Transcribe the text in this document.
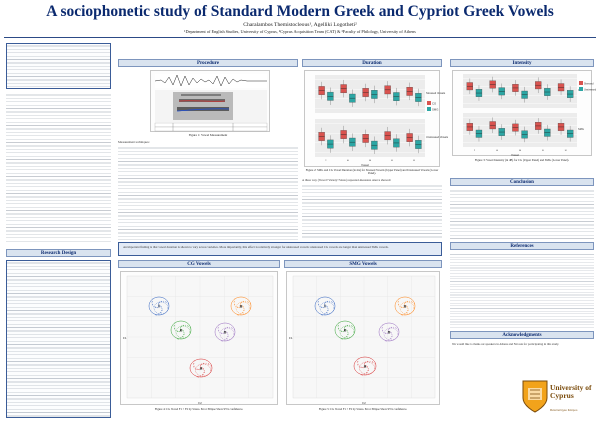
A sociophonetic study of Standard Modern Greek and Cypriot Greek Vowels
Charalambos Themistocleous¹, Agelliki Logotheti²
¹Department of English Studies, University of Cyprus, ²Cyprus Acquisition Team (CAT) & ³Faculty of Philology, University of Athens
Research Design
Procedure
Figure 1: Vowel Measurement
Measurement techniques:
Duration
Stressed Vowels
Unstressed Vowels
i	e	a	o	u
CG
SMG
Vowel
Figure 2: SMG and CG Vowel Duration (in ms) for Stressed Vowels (Upper Panel) and Unstressed Vowels (Lower Panel).
A three way (Vowel×Variety×Stress) repeated-measures Anova showed:
An important finding is that vowel duration is shown to vary across varieties. More importantly, this effect is relatively stronger for unstressed vowels: unstressed CG vowels are longer than unstressed SMG vowels.
Intensity
SMG
i	e	a	o	u
Stressed
Unstressed
Vowel
Figure 3: Vowel Intensity (in dB) for CG (Upper Panel) and SMG (Lower Panel).
Conclusion
References
Acknowledgments
We would like to thank our speakers in Athens and Nicosia for participating in this study.
University of Cyprus
Πανεπιστήμιο Κύπρου
CG Vowels
i
e
a
o
u
F2
F1
Figure 4: CG Vowel F1 × F2 by Stress. Error Ellipse Show 95% confidence.
SMG Vowels
i
e
a
o
u
F2
F1
Figure 5: CG Vowel F1 × F2 by Stress. Error Ellipse Show 95% confidence.
